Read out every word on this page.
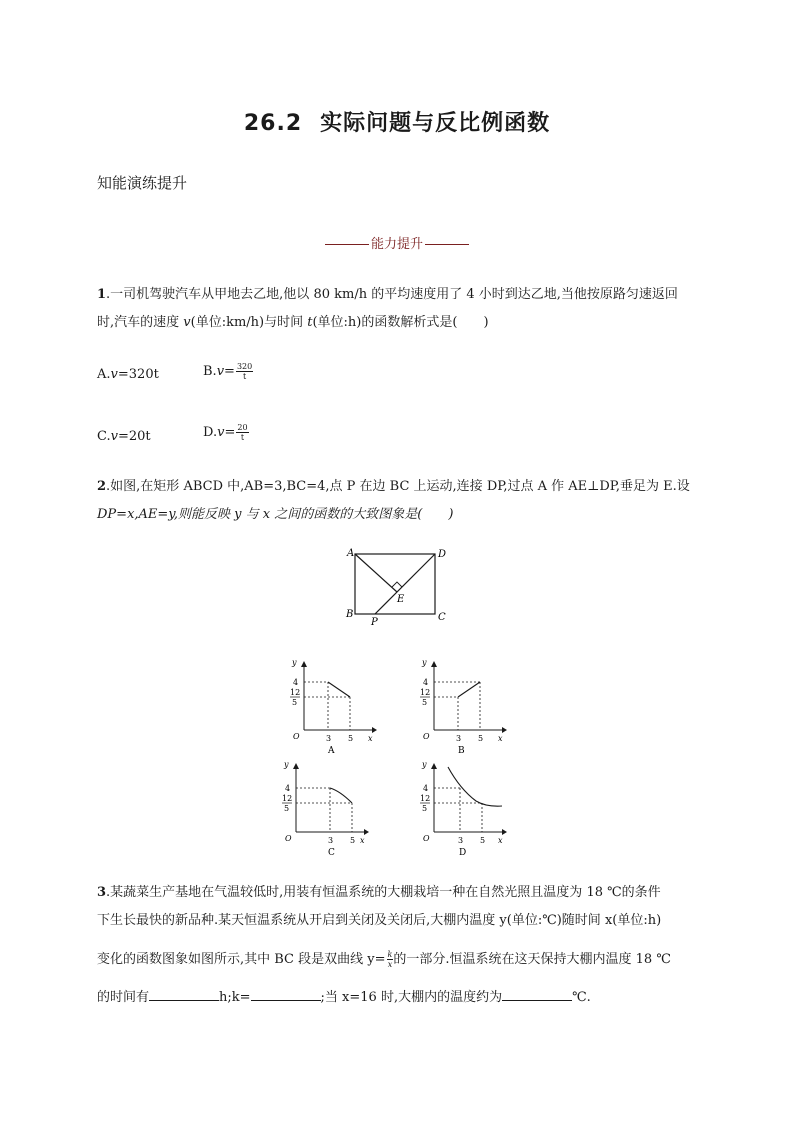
26.2 实际问题与反比例函数
知能演练提升
能力提升
1.一司机驾驶汽车从甲地去乙地,他以 80 km/h 的平均速度用了 4 小时到达乙地,当他按原路匀速返回
时,汽车的速度 v(单位:km/h)与时间 t(单位:h)的函数解析式是(　　)
A.v=320t	$B.v= \frac{320}{t}$
C.v=20t	$D.v= \frac{20}{t}$
2.如图,在矩形 ABCD 中,AB=3,BC=4,点 P 在边 BC 上运动,连接 DP,过点 A 作 AE⊥DP,垂足为 E.设
DP=x,AE=y,则能反映 y 与 x 之间的函数的大致图象是(　　)
A	D
B	C
E
P
y
x
O
4
12
5
3 5
A
y
x
O
4
12
5
3 5
B
y
x
O
4
12
5
3 5
C
y
x
O
4
12
5
3 5
D
3.某蔬菜生产基地在气温较低时,用装有恒温系统的大棚栽培一种在自然光照且温度为 18 ℃的条件
下生长最快的新品种.某天恒温系统从开启到关闭及关闭后,大棚内温度 y(单位:℃)随时间 x(单位:h)
变化的函数图象如图所示,其中 BC 段是双曲线 $y= \frac{k}{x}$ 的一部分.恒温系统在这天保持大棚内温度 18 ℃
的时间有	h;k=	;当 x=16 时,大棚内的温度约为	℃.
